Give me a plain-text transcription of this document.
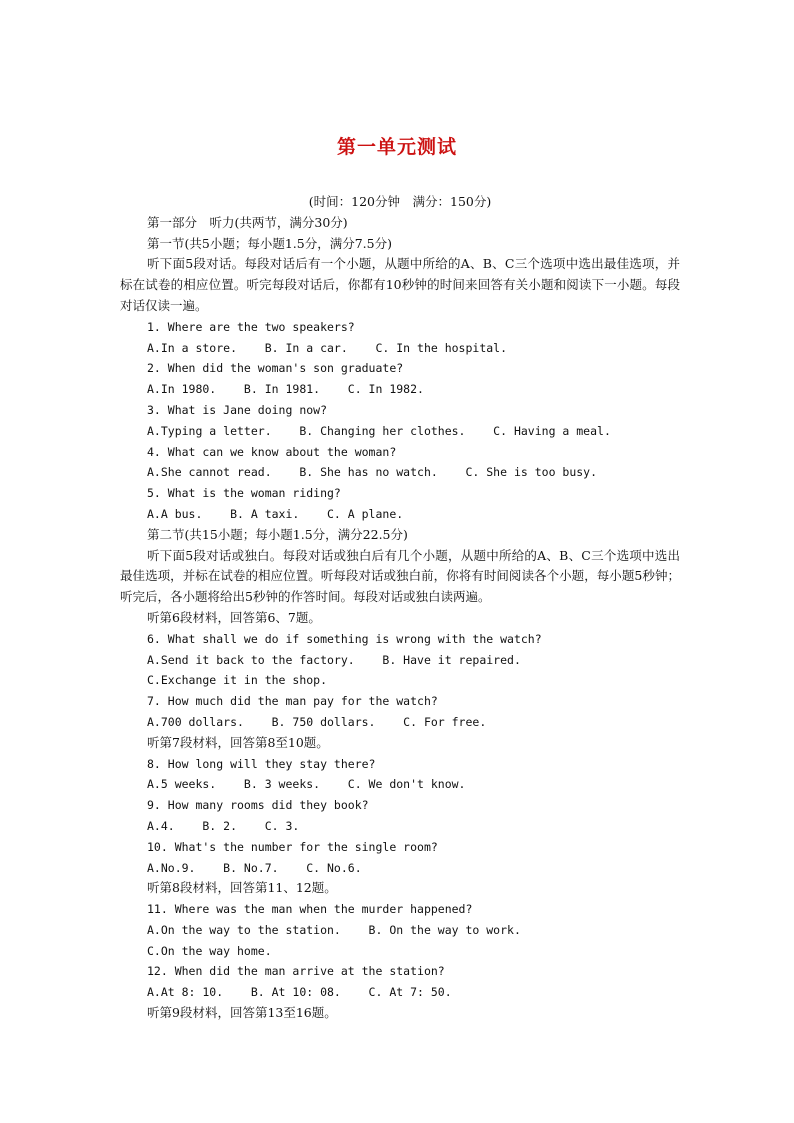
第一单元测试
(时间：120分钟　满分：150分)
第一部分　听力(共两节，满分30分)
第一节(共5小题；每小题1.5分，满分7.5分)

听下面5段对话。每段对话后有一个小题，从题中所给的A、B、C三个选项中选出最佳选项，并标在试卷的相应位置。听完每段对话后，你都有10秒钟的时间来回答有关小题和阅读下一小题。每段对话仅读一遍。

1. Where are the two speakers?
A.In a store.    B. In a car.    C. In the hospital.
2. When did the woman's son graduate?
A.In 1980.    B. In 1981.    C. In 1982.
3. What is Jane doing now?
A.Typing a letter.    B. Changing her clothes.    C. Having a meal.
4. What can we know about the woman?
A.She cannot read.    B. She has no watch.    C. She is too busy.
5. What is the woman riding?
A.A bus.    B. A taxi.    C. A plane.
第二节(共15小题；每小题1.5分，满分22.5分)

听下面5段对话或独白。每段对话或独白后有几个小题，从题中所给的A、B、C三个选项中选出最佳选项，并标在试卷的相应位置。听每段对话或独白前，你将有时间阅读各个小题，每小题5秒钟；听完后，各小题将给出5秒钟的作答时间。每段对话或独白读两遍。

听第6段材料，回答第6、7题。
6. What shall we do if something is wrong with the watch?
A.Send it back to the factory.    B. Have it repaired.
C.Exchange it in the shop.
7. How much did the man pay for the watch?
A.700 dollars.    B. 750 dollars.    C. For free.
听第7段材料，回答第8至10题。
8. How long will they stay there?
A.5 weeks.    B. 3 weeks.    C. We don't know.
9. How many rooms did they book?
A.4.    B. 2.    C. 3.
10. What's the number for the single room?
A.No.9.    B. No.7.    C. No.6.
听第8段材料，回答第11、12题。
11. Where was the man when the murder happened?
A.On the way to the station.    B. On the way to work.
C.On the way home.
12. When did the man arrive at the station?
A.At 8: 10.    B. At 10: 08.    C. At 7: 50.
听第9段材料，回答第13至16题。
